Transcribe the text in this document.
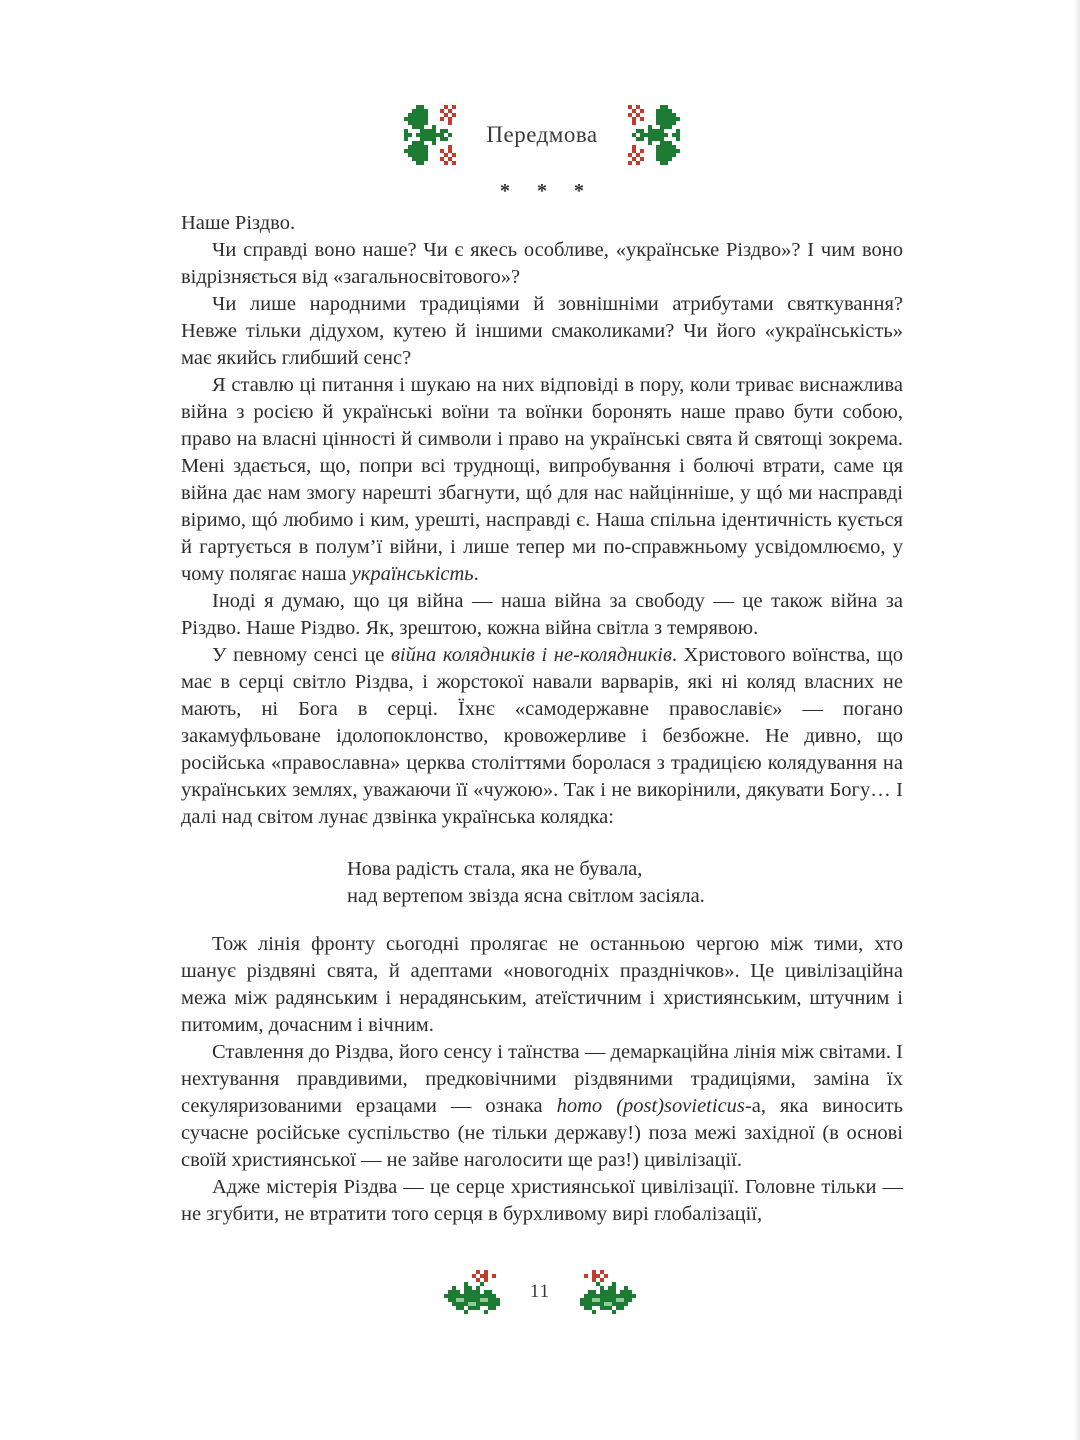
Передмова
* * *

Наше Різдво.

Чи справді воно наше? Чи є якесь особливе, «українське Різдво»? І чим воно відрізняється від «загальносвітового»?

Чи лише народними традиціями й зовнішніми атрибутами святкування? Невже тільки дідухом, кутею й іншими смаколиками? Чи його «українськість» має якийсь глибший сенс?

Я ставлю ці питання і шукаю на них відповіді в пору, коли триває виснажлива війна з росією й українські воїни та воїнки боронять наше право бути собою, право на власні цінності й символи і право на українські свята й святощі зокрема. Мені здається, що, попри всі труднощі, випробування і болючі втрати, саме ця війна дає нам змогу нарешті збагнути, щó для нас найцінніше, у щó ми насправді віримо, щó любимо і ким, урешті, насправді є. Наша спільна ідентичність кується й гартується в полум’ї війни, і лише тепер ми по-справжньому усвідомлюємо, у чому полягає наша українськість.

Іноді я думаю, що ця війна — наша війна за свободу — це також війна за Різдво. Наше Різдво. Як, зрештою, кожна війна світла з темрявою.

У певному сенсі це війна колядників і не-колядників. Христового воїнства, що має в серці світло Різдва, і жорстокої навали варварів, які ні коляд власних не мають, ні Бога в серці. Їхнє «самодержавне православіє» — погано закамуфльоване ідолопоклонство, кровожерливе і безбожне. Не дивно, що російська «православна» церква століттями боролася з традицією колядування на українських землях, уважаючи її «чужою». Так і не викорінили, дякувати Богу… І далі над світом лунає дзвінка українська колядка:

Нова радість стала, яка не бувала,
над вертепом звізда ясна світлом засіяла.

Тож лінія фронту сьогодні пролягає не останньою чергою між тими, хто шанує різдвяні свята, й адептами «новогодніх празднічков». Це цивілізаційна межа між радянським і нерадянським, атеїстичним і християнським, штучним і питомим, дочасним і вічним.

Ставлення до Різдва, його сенсу і таїнства — демаркаційна лінія між світами. І нехтування правдивими, предковічними різдвяними традиціями, заміна їх секуляризованими ерзацами — ознака homo (post)sovieticus-а, яка виносить сучасне російське суспільство (не тільки державу!) поза межі західної (в основі своїй християнської — не зайве наголосити ще раз!) цивілізації.

Адже містерія Різдва — це серце християнської цивілізації. Головне тільки — не згубити, не втратити того серця в бурхливому вирі глобалізації,

11
